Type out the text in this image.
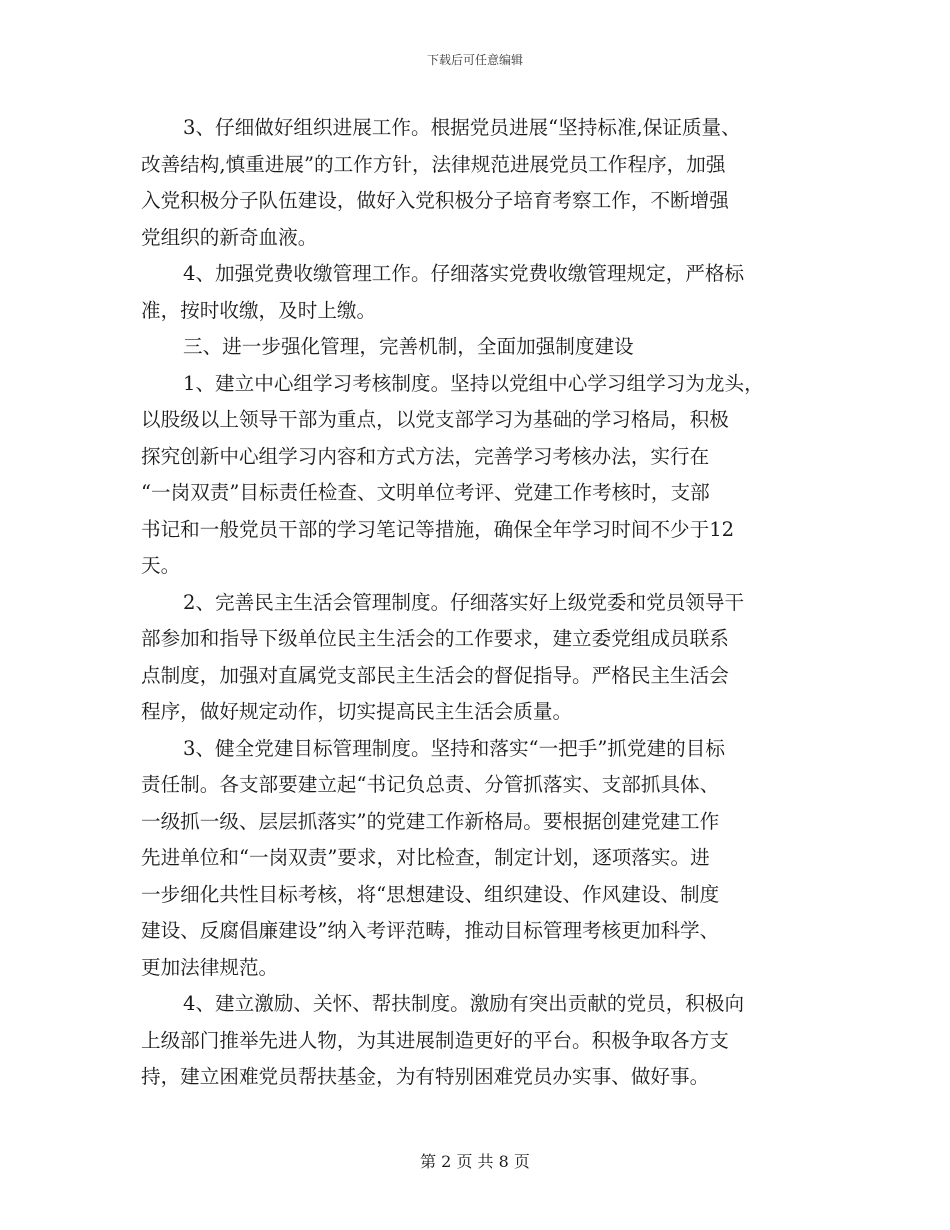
下载后可任意编辑
3、仔细做好组织进展工作。根据党员进展“坚持标准,保证质量、
改善结构,慎重进展”的工作方针，法律规范进展党员工作程序，加强
入党积极分子队伍建设，做好入党积极分子培育考察工作，不断增强
党组织的新奇血液。
4、加强党费收缴管理工作。仔细落实党费收缴管理规定，严格标
准，按时收缴，及时上缴。
三、进一步强化管理，完善机制，全面加强制度建设
1、建立中心组学习考核制度。坚持以党组中心学习组学习为龙头，
以股级以上领导干部为重点，以党支部学习为基础的学习格局，积极
探究创新中心组学习内容和方式方法，完善学习考核办法，实行在
“一岗双责”目标责任检查、文明单位考评、党建工作考核时，支部
书记和一般党员干部的学习笔记等措施，确保全年学习时间不少于12
天。
2、完善民主生活会管理制度。仔细落实好上级党委和党员领导干
部参加和指导下级单位民主生活会的工作要求，建立委党组成员联系
点制度，加强对直属党支部民主生活会的督促指导。严格民主生活会
程序，做好规定动作，切实提高民主生活会质量。
3、健全党建目标管理制度。坚持和落实“一把手”抓党建的目标
责任制。各支部要建立起“书记负总责、分管抓落实、支部抓具体、
一级抓一级、层层抓落实”的党建工作新格局。要根据创建党建工作
先进单位和“一岗双责”要求，对比检查，制定计划，逐项落实。进
一步细化共性目标考核，将“思想建设、组织建设、作风建设、制度
建设、反腐倡廉建设”纳入考评范畴，推动目标管理考核更加科学、
更加法律规范。
4、建立激励、关怀、帮扶制度。激励有突出贡献的党员，积极向
上级部门推举先进人物，为其进展制造更好的平台。积极争取各方支
持，建立困难党员帮扶基金，为有特别困难党员办实事、做好事。
第 2 页 共 8 页
